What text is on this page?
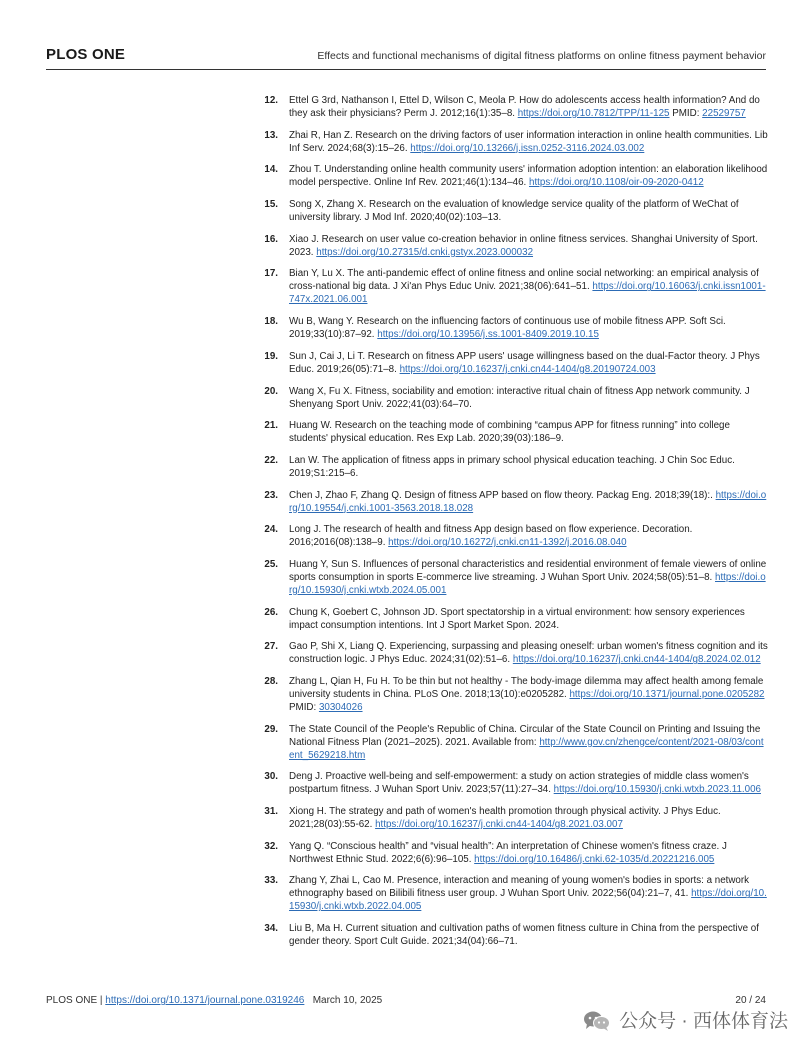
PLOS ONE	Effects and functional mechanisms of digital fitness platforms on online fitness payment behavior
12. Ettel G 3rd, Nathanson I, Ettel D, Wilson C, Meola P. How do adolescents access health information? And do they ask their physicians? Perm J. 2012;16(1):35–8. https://doi.org/10.7812/TPP/11-125 PMID: 22529757
13. Zhai R, Han Z. Research on the driving factors of user information interaction in online health communities. Lib Inf Serv. 2024;68(3):15–26. https://doi.org/10.13266/j.issn.0252-3116.2024.03.002
14. Zhou T. Understanding online health community users' information adoption intention: an elaboration likelihood model perspective. Online Inf Rev. 2021;46(1):134–46. https://doi.org/10.1108/oir-09-2020-0412
15. Song X, Zhang X. Research on the evaluation of knowledge service quality of the platform of WeChat of university library. J Mod Inf. 2020;40(02):103–13.
16. Xiao J. Research on user value co-creation behavior in online fitness services. Shanghai University of Sport. 2023. https://doi.org/10.27315/d.cnki.gstyx.2023.000032
17. Bian Y, Lu X. The anti-pandemic effect of online fitness and online social networking: an empirical analysis of cross-national big data. J Xi'an Phys Educ Univ. 2021;38(06):641–51. https://doi.org/10.16063/j.cnki.issn1001-747x.2021.06.001
18. Wu B, Wang Y. Research on the influencing factors of continuous use of mobile fitness APP. Soft Sci. 2019;33(10):87–92. https://doi.org/10.13956/j.ss.1001-8409.2019.10.15
19. Sun J, Cai J, Li T. Research on fitness APP users' usage willingness based on the dual-Factor theory. J Phys Educ. 2019;26(05):71–8. https://doi.org/10.16237/j.cnki.cn44-1404/g8.20190724.003
20. Wang X, Fu X. Fitness, sociability and emotion: interactive ritual chain of fitness App network community. J Shenyang Sport Univ. 2022;41(03):64–70.
21. Huang W. Research on the teaching mode of combining “campus APP for fitness running” into college students' physical education. Res Exp Lab. 2020;39(03):186–9.
22. Lan W. The application of fitness apps in primary school physical education teaching. J Chin Soc Educ. 2019;S1:215–6.
23. Chen J, Zhao F, Zhang Q. Design of fitness APP based on flow theory. Packag Eng. 2018;39(18):. https://doi.org/10.19554/j.cnki.1001-3563.2018.18.028
24. Long J. The research of health and fitness App design based on flow experience. Decoration. 2016;2016(08):138–9. https://doi.org/10.16272/j.cnki.cn11-1392/j.2016.08.040
25. Huang Y, Sun S. Influences of personal characteristics and residential environment of female viewers of online sports consumption in sports E-commerce live streaming. J Wuhan Sport Univ. 2024;58(05):51–8. https://doi.org/10.15930/j.cnki.wtxb.2024.05.001
26. Chung K, Goebert C, Johnson JD. Sport spectatorship in a virtual environment: how sensory experiences impact consumption intentions. Int J Sport Market Spon. 2024.
27. Gao P, Shi X, Liang Q. Experiencing, surpassing and pleasing oneself: urban women's fitness cognition and its construction logic. J Phys Educ. 2024;31(02):51–6. https://doi.org/10.16237/j.cnki.cn44-1404/g8.2024.02.012
28. Zhang L, Qian H, Fu H. To be thin but not healthy - The body-image dilemma may affect health among female university students in China. PLoS One. 2018;13(10):e0205282. https://doi.org/10.1371/journal.pone.0205282 PMID: 30304026
29. The State Council of the People's Republic of China. Circular of the State Council on Printing and Issuing the National Fitness Plan (2021–2025). 2021. Available from: http://www.gov.cn/zhengce/content/2021-08/03/content_5629218.htm
30. Deng J. Proactive well-being and self-empowerment: a study on action strategies of middle class women's postpartum fitness. J Wuhan Sport Univ. 2023;57(11):27–34. https://doi.org/10.15930/j.cnki.wtxb.2023.11.006
31. Xiong H. The strategy and path of women's health promotion through physical activity. J Phys Educ. 2021;28(03):55-62. https://doi.org/10.16237/j.cnki.cn44-1404/g8.2021.03.007
32. Yang Q. “Conscious health” and “visual health”: An interpretation of Chinese women's fitness craze. J Northwest Ethnic Stud. 2022;6(6):96–105. https://doi.org/10.16486/j.cnki.62-1035/d.20221216.005
33. Zhang Y, Zhai L, Cao M. Presence, interaction and meaning of young women's bodies in sports: a network ethnography based on Bilibili fitness user group. J Wuhan Sport Univ. 2022;56(04):21–7, 41. https://doi.org/10.15930/j.cnki.wtxb.2022.04.005
34. Liu B, Ma H. Current situation and cultivation paths of women fitness culture in China from the perspective of gender theory. Sport Cult Guide. 2021;34(04):66–71.
PLOS ONE | https://doi.org/10.1371/journal.pone.0319246 March 10, 2025	20 / 24
公众号 · 西体体育法
